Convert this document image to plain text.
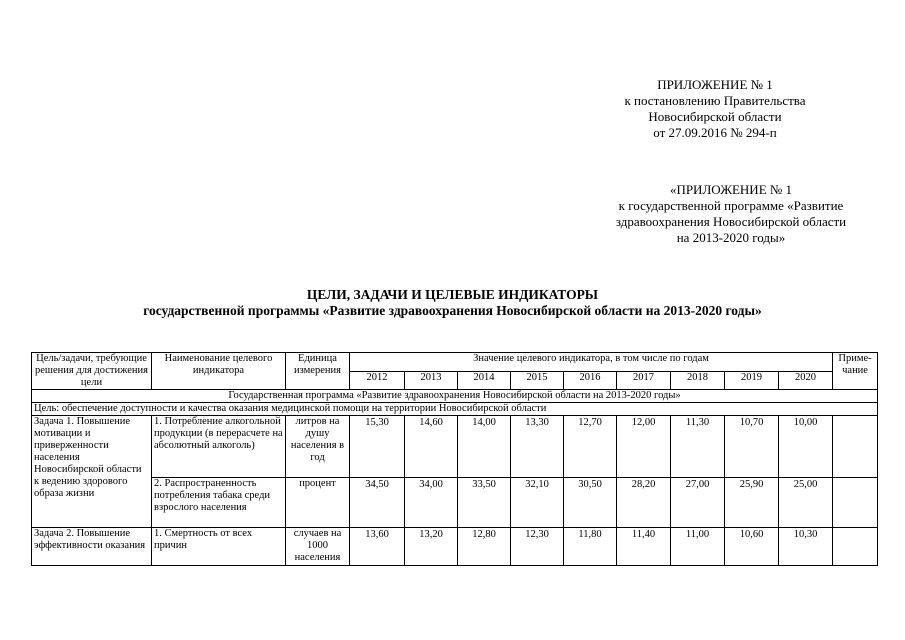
ПРИЛОЖЕНИЕ № 1
к постановлению Правительства
Новосибирской области
от 27.09.2016 № 294-п
«ПРИЛОЖЕНИЕ № 1
к государственной программе «Развитие
здравоохранения Новосибирской области
на 2013-2020 годы»
ЦЕЛИ, ЗАДАЧИ И ЦЕЛЕВЫЕ ИНДИКАТОРЫ
государственной программы «Развитие здравоохранения Новосибирской области на 2013-2020 годы»
Цель/задачи, требующие решения для достижения цели	Наименование целевого индикатора	Единица измерения	Значение целевого индикатора, в том числе по годам									Приме-чание
			2012	2013	2014	2015	2016	2017	2018	2019	2020	
Государственная программа «Развитие здравоохранения Новосибирской области на 2013-2020 годы»												
Цель: обеспечение доступности и качества оказания медицинской помощи на территории Новосибирской области												
Задача 1. Повышение мотивации и приверженности населения Новосибирской области к ведению здорового образа жизни	1. Потребление алкогольной продукции (в перерасчете на абсолютный алкоголь)	литров на душу населения в год	15,30	14,60	14,00	13,30	12,70	12,00	11,30	10,70	10,00	
	2. Распространенность потребления табака среди взрослого населения	процент	34,50	34,00	33,50	32,10	30,50	28,20	27,00	25,90	25,00	
Задача 2. Повышение эффективности оказания	1. Смертность от всех причин	случаев на 1000 населения	13,60	13,20	12,80	12,30	11,80	11,40	11,00	10,60	10,30	
